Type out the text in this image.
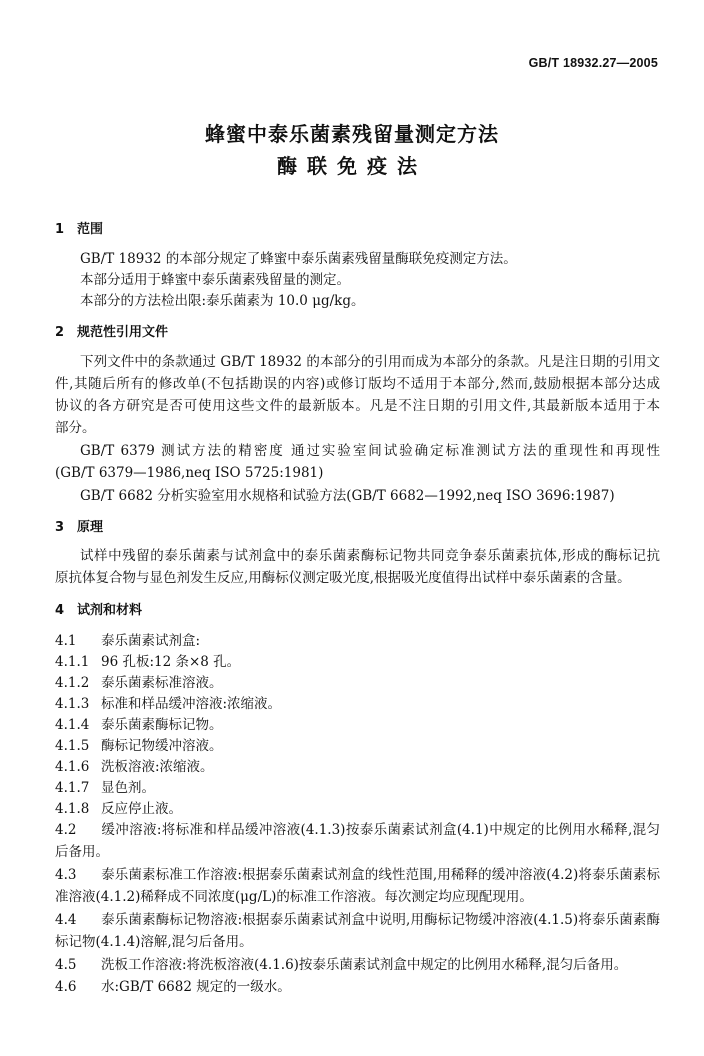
GB/T 18932.27—2005
蜂蜜中泰乐菌素残留量测定方法
酶联免疫法
1 范围
GB/T 18932 的本部分规定了蜂蜜中泰乐菌素残留量酶联免疫测定方法。
本部分适用于蜂蜜中泰乐菌素残留量的测定。
本部分的方法检出限:泰乐菌素为 10.0 μg/kg。
2 规范性引用文件
下列文件中的条款通过 GB/T 18932 的本部分的引用而成为本部分的条款。凡是注日期的引用文
件,其随后所有的修改单(不包括勘误的内容)或修订版均不适用于本部分,然而,鼓励根据本部分达成
协议的各方研究是否可使用这些文件的最新版本。凡是不注日期的引用文件,其最新版本适用于本
部分。
GB/T 6379 测试方法的精密度 通过实验室间试验确定标准测试方法的重现性和再现性
(GB/T 6379—1986,neq ISO 5725:1981)
GB/T 6682 分析实验室用水规格和试验方法(GB/T 6682—1992,neq ISO 3696:1987)
3 原理
试样中残留的泰乐菌素与试剂盒中的泰乐菌素酶标记物共同竞争泰乐菌素抗体,形成的酶标记抗
原抗体复合物与显色剂发生反应,用酶标仪测定吸光度,根据吸光度值得出试样中泰乐菌素的含量。
4 试剂和材料
4.1 泰乐菌素试剂盒:
4.1.1 96 孔板:12 条×8 孔。
4.1.2 泰乐菌素标准溶液。
4.1.3 标准和样品缓冲溶液:浓缩液。
4.1.4 泰乐菌素酶标记物。
4.1.5 酶标记物缓冲溶液。
4.1.6 洗板溶液:浓缩液。
4.1.7 显色剂。
4.1.8 反应停止液。
4.2 缓冲溶液:将标准和样品缓冲溶液(4.1.3)按泰乐菌素试剂盒(4.1)中规定的比例用水稀释,混匀
后备用。
4.3 泰乐菌素标准工作溶液:根据泰乐菌素试剂盒的线性范围,用稀释的缓冲溶液(4.2)将泰乐菌素标
准溶液(4.1.2)稀释成不同浓度(μg/L)的标准工作溶液。每次测定均应现配现用。
4.4 泰乐菌素酶标记物溶液:根据泰乐菌素试剂盒中说明,用酶标记物缓冲溶液(4.1.5)将泰乐菌素酶
标记物(4.1.4)溶解,混匀后备用。
4.5 洗板工作溶液:将洗板溶液(4.1.6)按泰乐菌素试剂盒中规定的比例用水稀释,混匀后备用。
4.6 水:GB/T 6682 规定的一级水。
